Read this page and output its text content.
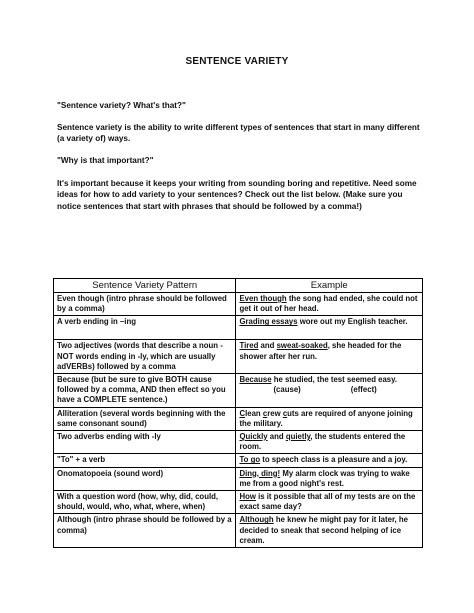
SENTENCE VARIETY
"Sentence variety? What's that?"
Sentence variety is the ability to write different types of sentences that start in many different (a variety of) ways.
"Why is that important?"
It's important because it keeps your writing from sounding boring and repetitive. Need some ideas for how to add variety to your sentences? Check out the list below. (Make sure you notice sentences that start with phrases that should be followed by a comma!)
Sentence Variety Pattern	Example
Even though (intro phrase should be followed by a comma)	Even though the song had ended, she could not get it out of her head.
A verb ending in –ing	Grading essays wore out my English teacher.
Two adjectives (words that describe a noun - NOT words ending in -ly, which are usually adVERBs) followed by a comma	Tired and sweat-soaked, she headed for the shower after her run.
Because (but be sure to give BOTH cause followed by a comma, AND then effect so you have a COMPLETE sentence.)	Because he studied, the test seemed easy.
(cause) (effect)
Alliteration (several words beginning with the same consonant sound)	Clean crew cuts are required of anyone joining the military.
Two adverbs ending with -ly	Quickly and quietly, the students entered the room.
"To" + a verb	To go to speech class is a pleasure and a joy.
Onomatopoeia (sound word)	Ding, ding! My alarm clock was trying to wake me from a good night's rest.
With a question word (how, why, did, could, should, would, who, what, where, when)	How is it possible that all of my tests are on the exact same day?
Although (intro phrase should be followed by a comma)	Although he knew he might pay for it later, he decided to sneak that second helping of ice cream.
